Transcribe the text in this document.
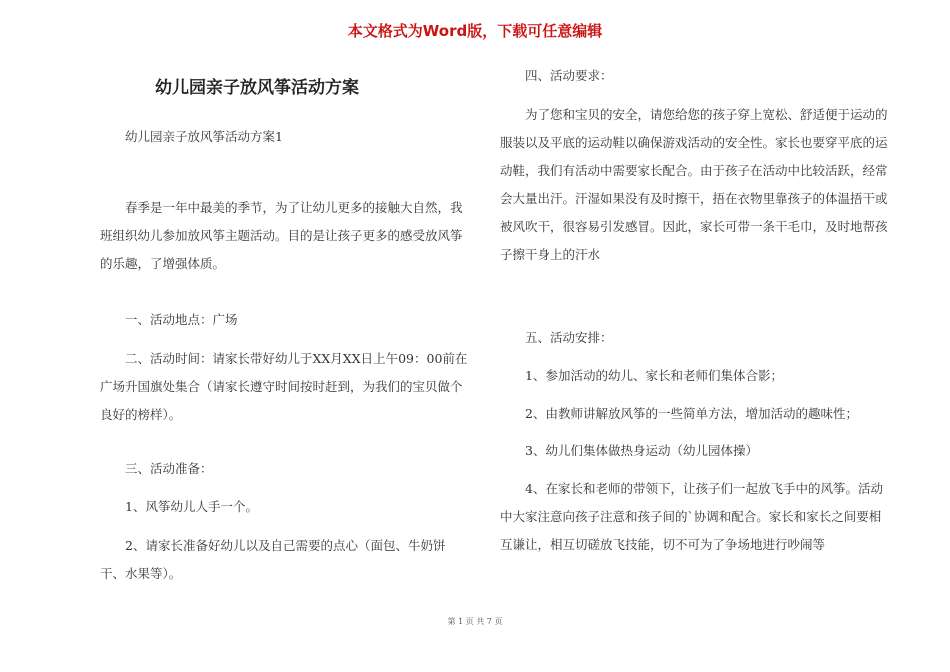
本文格式为Word版，下载可任意编辑
幼儿园亲子放风筝活动方案

幼儿园亲子放风筝活动方案1

春季是一年中最美的季节，为了让幼儿更多的接触大自然，我班组织幼儿参加放风筝主题活动。目的是让孩子更多的感受放风筝的乐趣，了增强体质。

一、活动地点：广场

二、活动时间：请家长带好幼儿于XX月XX日上午09：00前在广场升国旗处集合（请家长遵守时间按时赶到，为我们的宝贝做个良好的榜样）。

三、活动准备：

1、风筝幼儿人手一个。

2、请家长准备好幼儿以及自己需要的点心（面包、牛奶饼干、水果等）。

四、活动要求：

为了您和宝贝的安全，请您给您的孩子穿上宽松、舒适便于运动的服装以及平底的运动鞋以确保游戏活动的安全性。家长也要穿平底的运动鞋，我们有活动中需要家长配合。由于孩子在活动中比较活跃，经常会大量出汗。汗湿如果没有及时擦干，捂在衣物里靠孩子的体温捂干或被风吹干，很容易引发感冒。因此，家长可带一条干毛巾，及时地帮孩子擦干身上的汗水

五、活动安排：

1、参加活动的幼儿、家长和老师们集体合影；

2、由教师讲解放风筝的一些简单方法，增加活动的趣味性；

3、幼儿们集体做热身运动（幼儿园体操）

4、在家长和老师的带领下，让孩子们一起放飞手中的风筝。活动中大家注意向孩子注意和孩子间的`协调和配合。家长和家长之间要相互谦让，相互切磋放飞技能，切不可为了争场地进行吵闹等

第 1 页 共 7 页
